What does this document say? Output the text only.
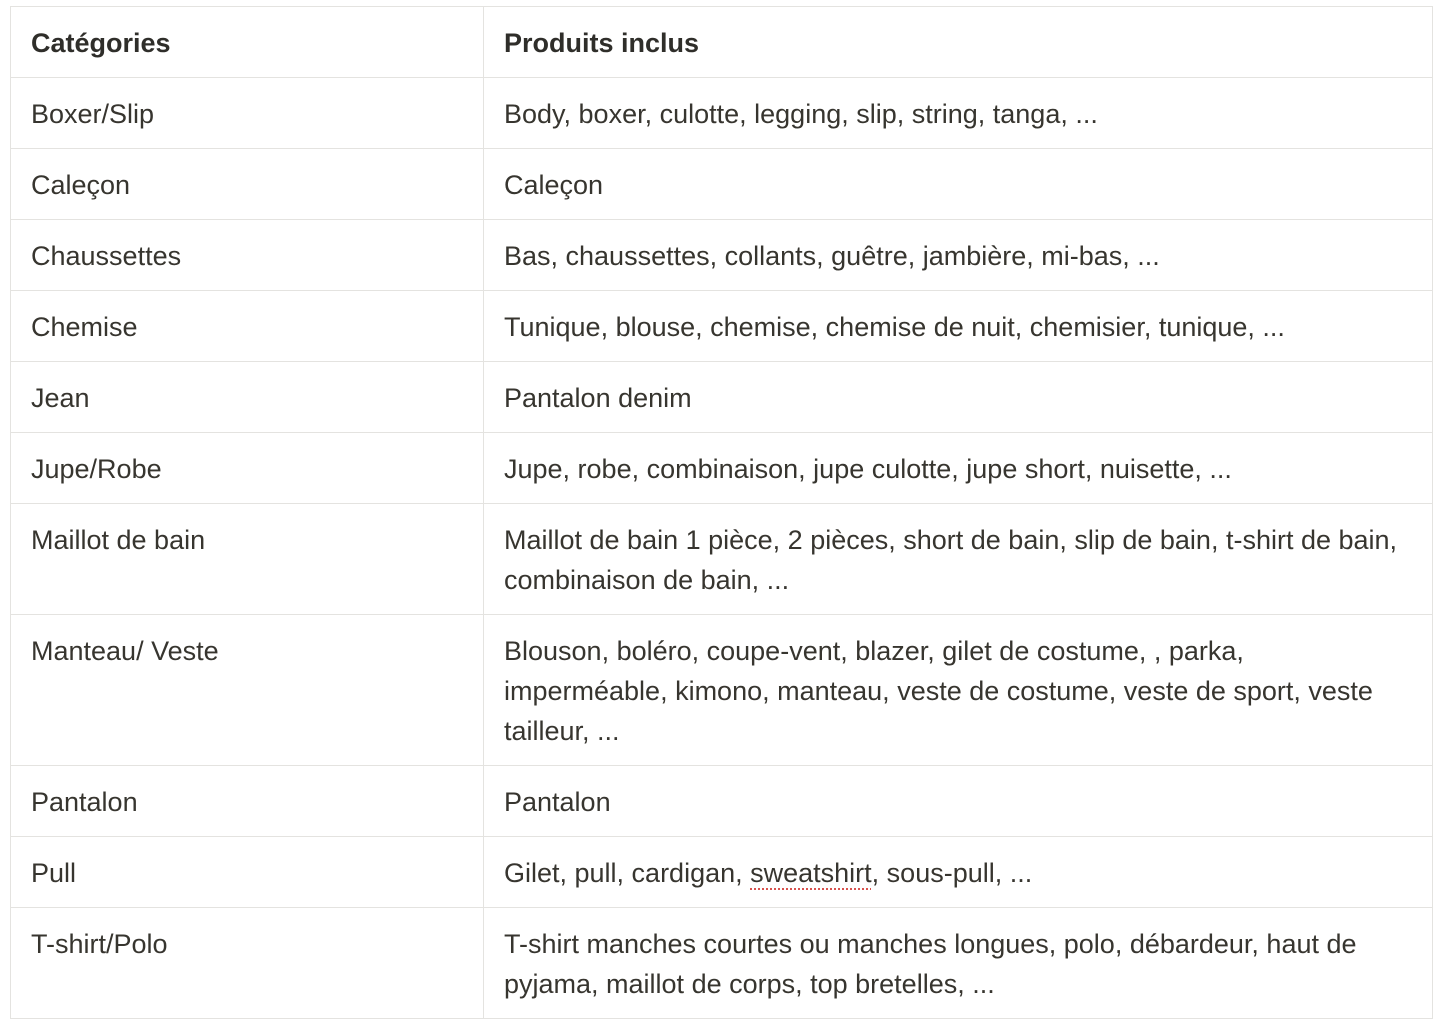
Catégories	Produits inclus
Boxer/Slip	Body, boxer, culotte, legging, slip, string, tanga, ...
Caleçon	Caleçon
Chaussettes	Bas, chaussettes, collants, guêtre, jambière, mi-bas, ...
Chemise	Tunique, blouse, chemise, chemise de nuit, chemisier, tunique, ...
Jean	Pantalon denim
Jupe/Robe	Jupe, robe, combinaison, jupe culotte, jupe short, nuisette, ...
Maillot de bain	Maillot de bain 1 pièce, 2 pièces, short de bain, slip de bain, t-shirt de bain, combinaison de bain, ...
Manteau/ Veste	Blouson, boléro, coupe-vent, blazer, gilet de costume, , parka, imperméable, kimono, manteau, veste de costume, veste de sport, veste tailleur, ...
Pantalon	Pantalon
Pull	Gilet, pull, cardigan, sweatshirt, sous-pull, ...
T-shirt/Polo	T-shirt manches courtes ou manches longues, polo, débardeur, haut de pyjama, maillot de corps, top bretelles, ...
